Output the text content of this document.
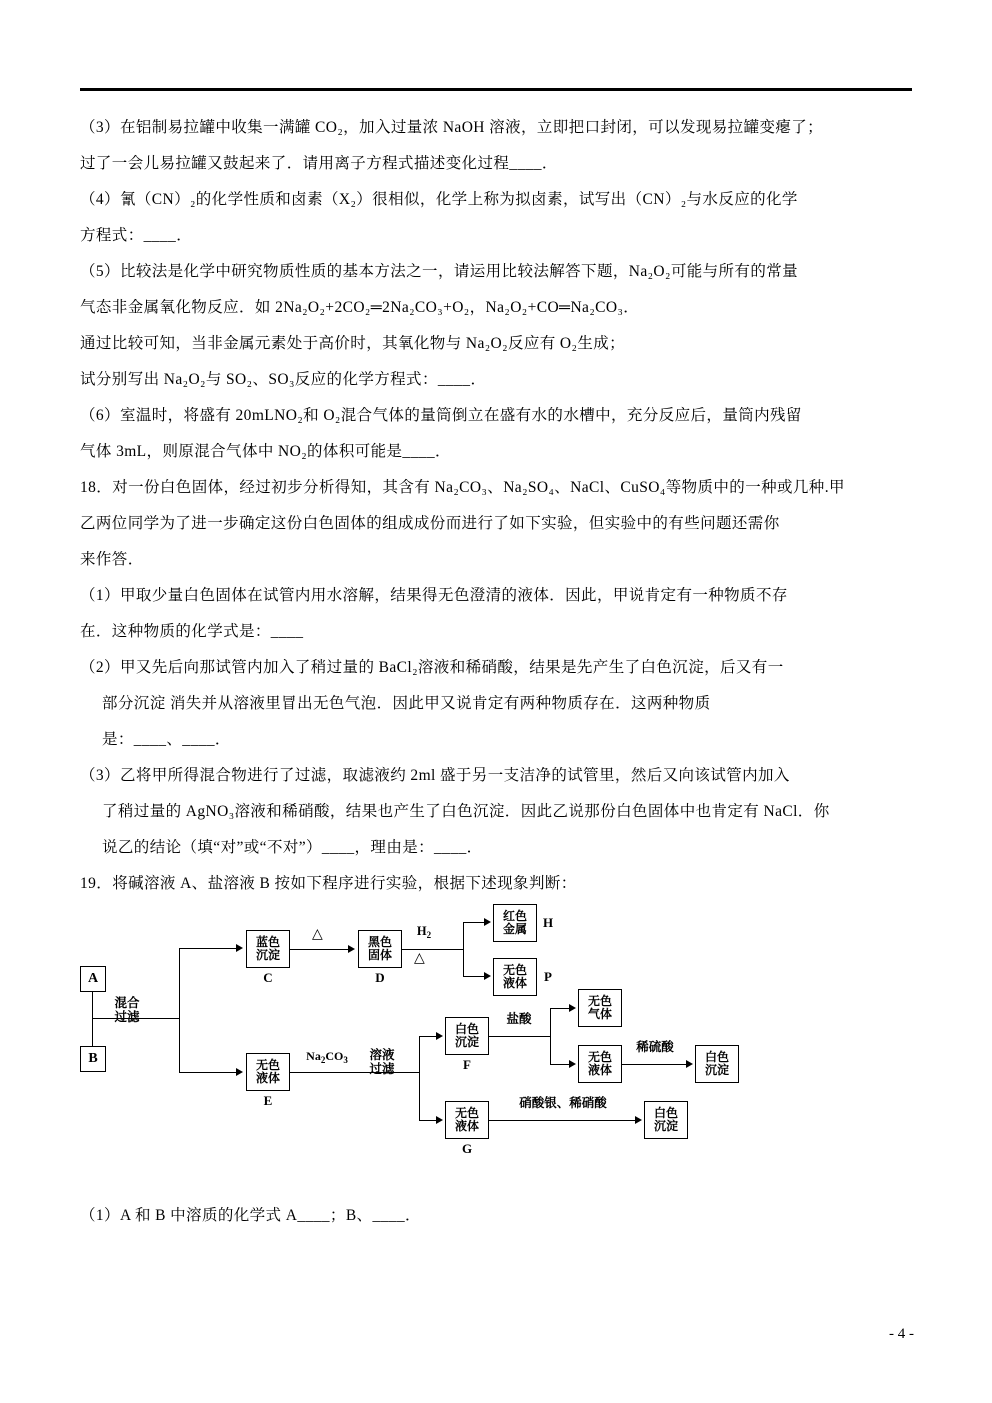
（3）在铝制易拉罐中收集一满罐 CO₂，加入过量浓 NaOH 溶液，立即把口封闭，可以发现易拉罐变瘪了；

过了一会儿易拉罐又鼓起来了．请用离子方程式描述变化过程____．

（4）氰（CN）₂的化学性质和卤素（X₂）很相似，化学上称为拟卤素，试写出（CN）₂与水反应的化学

方程式：____．

（5）比较法是化学中研究物质性质的基本方法之一，请运用比较法解答下题，Na₂O₂可能与所有的常量

气态非金属氧化物反应．如 2Na₂O₂+2CO₂═2Na₂CO₃+O₂，Na₂O₂+CO═Na₂CO₃．

通过比较可知，当非金属元素处于高价时，其氧化物与 Na₂O₂反应有 O₂生成；

试分别写出 Na₂O₂与 SO₂、SO₃反应的化学方程式：____．

（6）室温时，将盛有 20mLNO₂和 O₂混合气体的量筒倒立在盛有水的水槽中，充分反应后，量筒内残留

气体 3mL，则原混合气体中 NO₂的体积可能是____．

18．对一份白色固体，经过初步分析得知，其含有 Na₂CO₃、Na₂SO₄、NaCl、CuSO₄等物质中的一种或几种.甲

乙两位同学为了进一步确定这份白色固体的组成成份而进行了如下实验，但实验中的有些问题还需你

来作答．

（1）甲取少量白色固体在试管内用水溶解，结果得无色澄清的液体．因此，甲说肯定有一种物质不存

在．这种物质的化学式是：____

（2）甲又先后向那试管内加入了稍过量的 BaCl₂溶液和稀硝酸，结果是先产生了白色沉淀，后又有一

部分沉淀 消失并从溶液里冒出无色气泡．因此甲又说肯定有两种物质存在．这两种物质

是：____、____．

（3）乙将甲所得混合物进行了过滤，取滤液约 2ml 盛于另一支洁净的试管里，然后又向该试管内加入

了稍过量的 AgNO₃溶液和稀硝酸，结果也产生了白色沉淀．因此乙说那份白色固体中也肯定有 NaCl．你

说乙的结论（填“对”或“不对”）____，理由是：____．

19．将碱溶液 A、盐溶液 B 按如下程序进行实验，根据下述现象判断：

A
B
混合

蓝色
沉淀
C
△
黑色
固体
D
$H_2$
△
红色
金属	H
无色
液体	P
无色
液体
E
$Na_2CO_3$	溶液
过滤
白色
沉淀
F
盐酸
无色
气体
无色
液体
稀硫酸
白色
沉淀
无色
液体
G
硝酸银、稀硝酸
白色
沉淀

（1）A 和 B 中溶质的化学式 A____；B、____．

- 4 -
